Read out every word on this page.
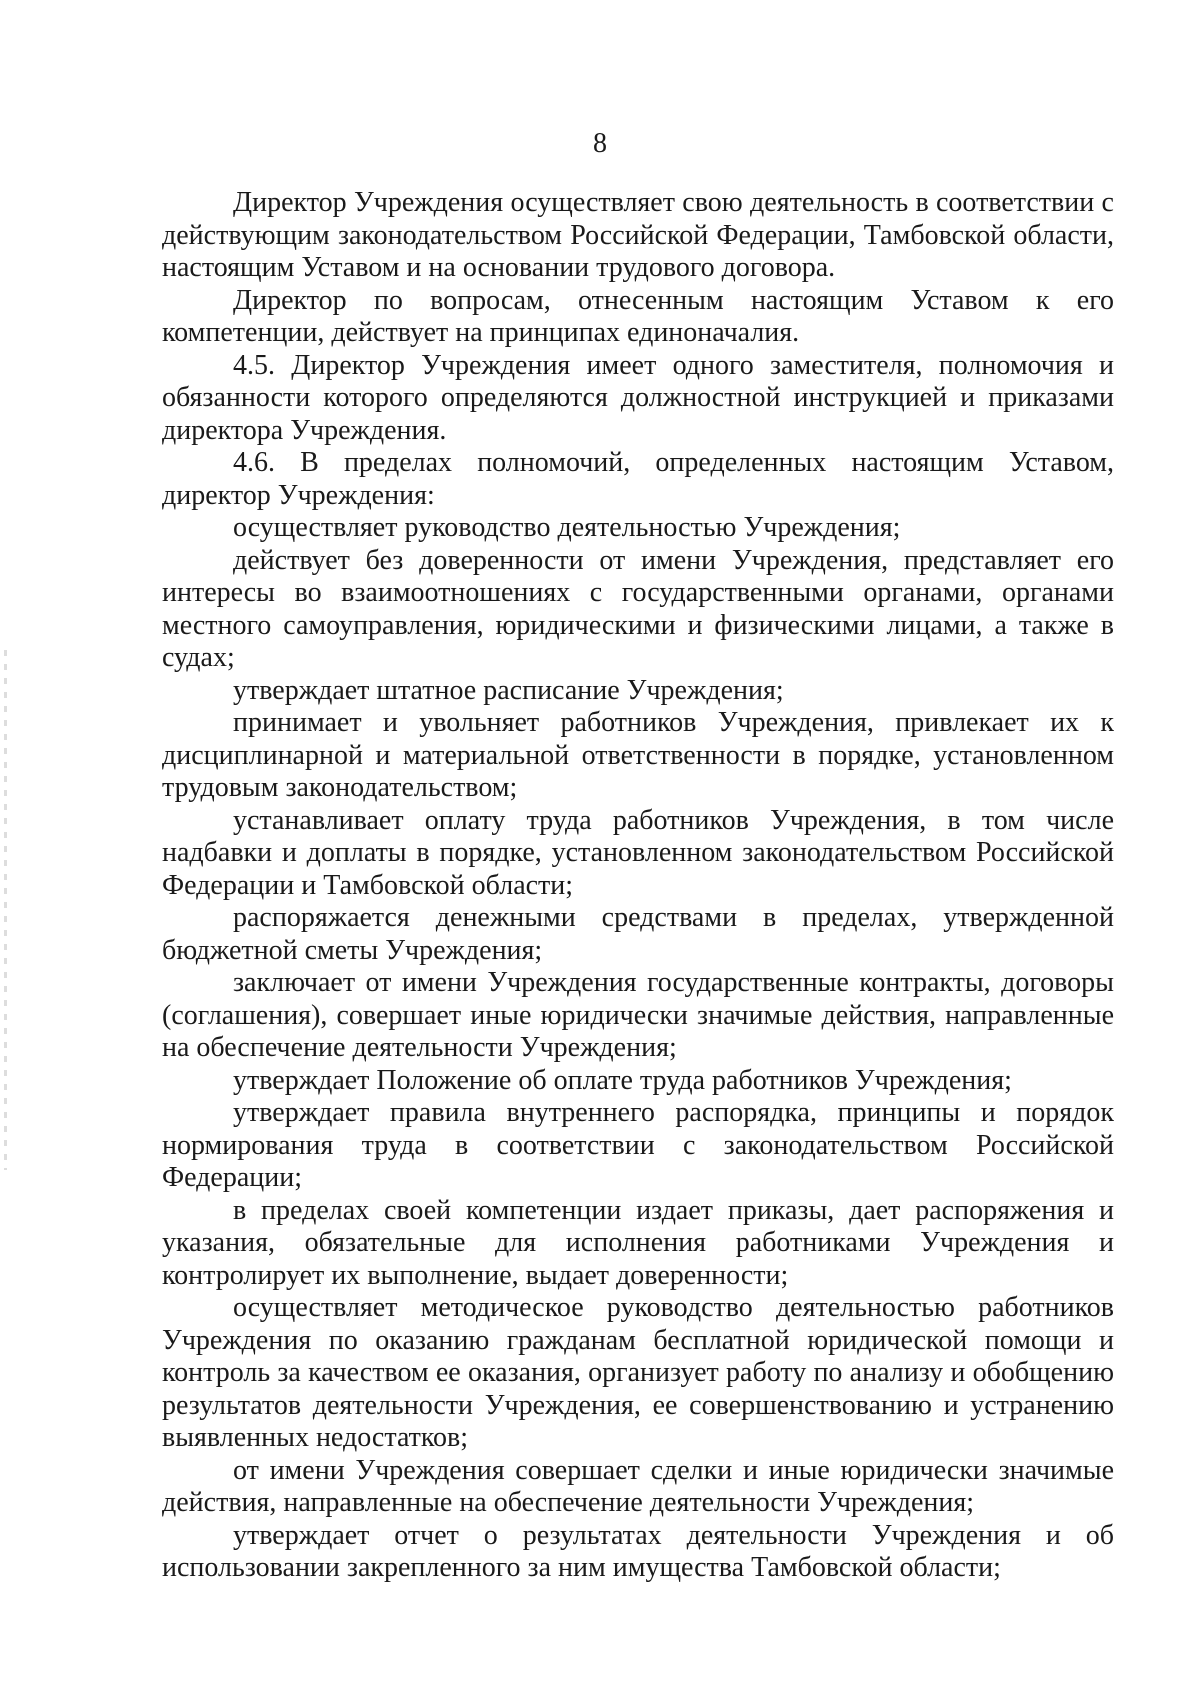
8

Директор Учреждения осуществляет свою деятельность в соответствии с действующим законодательством Российской Федерации, Тамбовской области, настоящим Уставом и на основании трудового договора.

Директор по вопросам, отнесенным настоящим Уставом к его компетенции, действует на принципах единоначалия.

4.5. Директор Учреждения имеет одного заместителя, полномочия и обязанности которого определяются должностной инструкцией и приказами директора Учреждения.

4.6. В пределах полномочий, определенных настоящим Уставом, директор Учреждения:

осуществляет руководство деятельностью Учреждения;

действует без доверенности от имени Учреждения, представляет его интересы во взаимоотношениях с государственными органами, органами местного самоуправления, юридическими и физическими лицами, а также в судах;

утверждает штатное расписание Учреждения;

принимает и увольняет работников Учреждения, привлекает их к дисциплинарной и материальной ответственности в порядке, установленном трудовым законодательством;

устанавливает оплату труда работников Учреждения, в том числе надбавки и доплаты в порядке, установленном законодательством Российской Федерации и Тамбовской области;

распоряжается денежными средствами в пределах, утвержденной бюджетной сметы Учреждения;

заключает от имени Учреждения государственные контракты, договоры (соглашения), совершает иные юридически значимые действия, направленные на обеспечение деятельности Учреждения;

утверждает Положение об оплате труда работников Учреждения;

утверждает правила внутреннего распорядка, принципы и порядок нормирования труда в соответствии с законодательством Российской Федерации;

в пределах своей компетенции издает приказы, дает распоряжения и указания, обязательные для исполнения работниками Учреждения и контролирует их выполнение, выдает доверенности;

осуществляет методическое руководство деятельностью работников Учреждения по оказанию гражданам бесплатной юридической помощи и контроль за качеством ее оказания, организует работу по анализу и обобщению результатов деятельности Учреждения, ее совершенствованию и устранению выявленных недостатков;

от имени Учреждения совершает сделки и иные юридически значимые действия, направленные на обеспечение деятельности Учреждения;

утверждает отчет о результатах деятельности Учреждения и об использовании закрепленного за ним имущества Тамбовской области;
